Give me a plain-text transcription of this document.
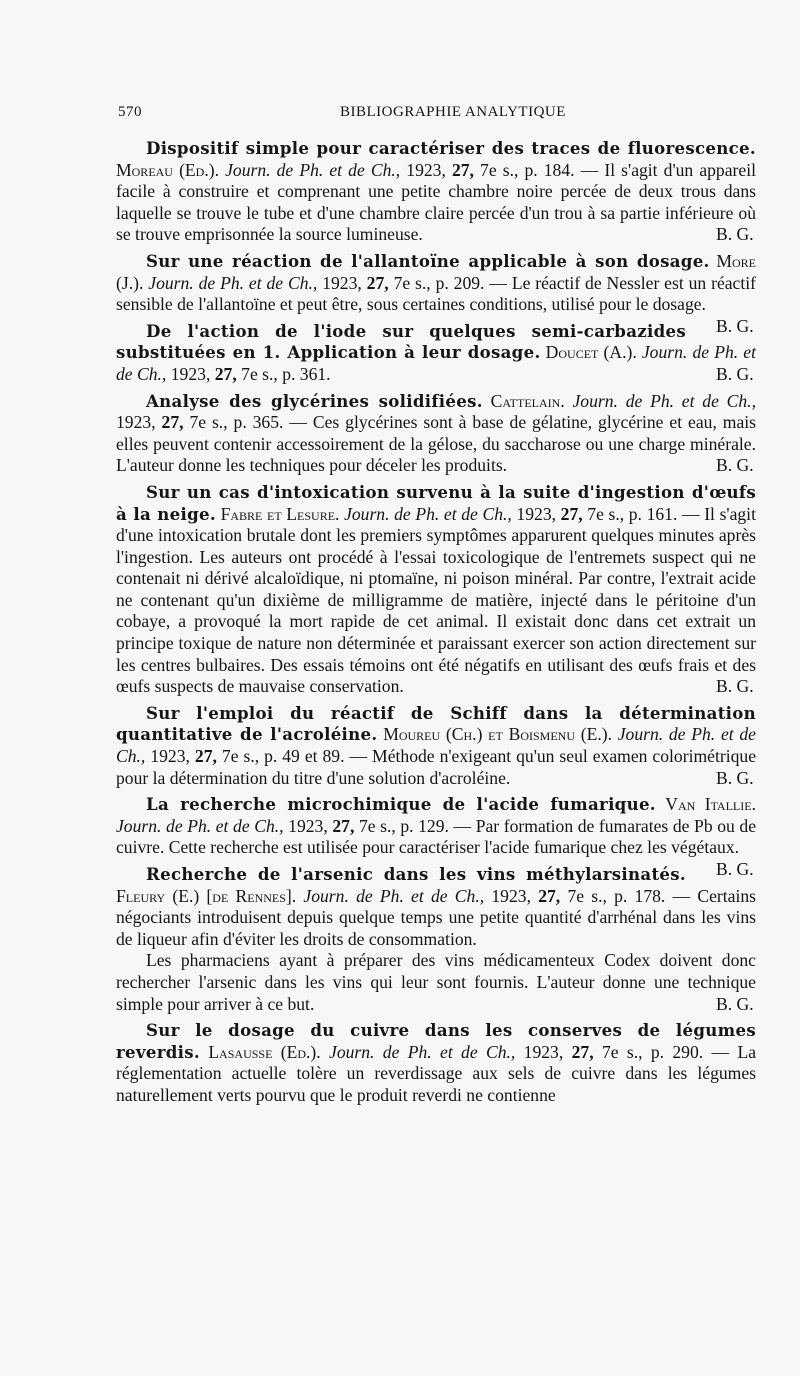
570	BIBLIOGRAPHIE ANALYTIQUE

Dispositif simple pour caractériser des traces de fluorescence. Moreau (Ed.). Journ. de Ph. et de Ch., 1923, 27, 7e s., p. 184. — Il s'agit d'un appareil facile à construire et comprenant une petite chambre noire percée de deux trous dans laquelle se trouve le tube et d'une chambre claire percée d'un trou à sa partie inférieure où se trouve emprisonnée la source lumineuse.	B. G.

Sur une réaction de l'allantoïne applicable à son dosage. More (J.). Journ. de Ph. et de Ch., 1923, 27, 7e s., p. 209. — Le réactif de Nessler est un réactif sensible de l'allantoïne et peut être, sous certaines conditions, utilisé pour le dosage.
B. G.

De l'action de l'iode sur quelques semi-carbazides substituées en 1. Application à leur dosage. Doucet (A.). Journ. de Ph. et de Ch., 1923, 27, 7e s., p. 361.	B. G.

Analyse des glycérines solidifiées. Cattelain. Journ. de Ph. et de Ch., 1923, 27, 7e s., p. 365. — Ces glycérines sont à base de gélatine, glycérine et eau, mais elles peuvent contenir accessoirement de la gélose, du saccharose ou une charge minérale. L'auteur donne les techniques pour déceler les produits.	B. G.

Sur un cas d'intoxication survenu à la suite d'ingestion d'œufs à la neige. Fabre et Lesure. Journ. de Ph. et de Ch., 1923, 27, 7e s., p. 161. — Il s'agit d'une intoxication brutale dont les premiers symptômes apparurent quelques minutes après l'ingestion. Les auteurs ont procédé à l'essai toxicologique de l'entremets suspect qui ne contenait ni dérivé alcaloïdique, ni ptomaïne, ni poison minéral. Par contre, l'extrait acide ne contenant qu'un dixième de milligramme de matière, injecté dans le péritoine d'un cobaye, a provoqué la mort rapide de cet animal. Il existait donc dans cet extrait un principe toxique de nature non déterminée et paraissant exercer son action directement sur les centres bulbaires. Des essais témoins ont été négatifs en utilisant des œufs frais et des œufs suspects de mauvaise conservation.	B. G.

Sur l'emploi du réactif de Schiff dans la détermination quantitative de l'acroléine. Moureu (Ch.) et Boismenu (E.). Journ. de Ph. et de Ch., 1923, 27, 7e s., p. 49 et 89. — Méthode n'exigeant qu'un seul examen colorimétrique pour la détermination du titre d'une solution d'acroléine.	B. G.

La recherche microchimique de l'acide fumarique. Van Itallie. Journ. de Ph. et de Ch., 1923, 27, 7e s., p. 129. — Par formation de fumarates de Pb ou de cuivre. Cette recherche est utilisée pour caractériser l'acide fumarique chez les végétaux.
B. G.

Recherche de l'arsenic dans les vins méthylarsinatés. Fleury (E.) [de Rennes]. Journ. de Ph. et de Ch., 1923, 27, 7e s., p. 178. — Certains négociants introduisent depuis quelque temps une petite quantité d'arrhénal dans les vins de liqueur afin d'éviter les droits de consommation.

Les pharmaciens ayant à préparer des vins médicamenteux Codex doivent donc rechercher l'arsenic dans les vins qui leur sont fournis. L'auteur donne une technique simple pour arriver à ce but.	B. G.

Sur le dosage du cuivre dans les conserves de légumes reverdis. Lasausse (Ed.). Journ. de Ph. et de Ch., 1923, 27, 7e s., p. 290. — La réglementation actuelle tolère un reverdissage aux sels de cuivre dans les légumes naturellement verts pourvu que le produit reverdi ne contienne
